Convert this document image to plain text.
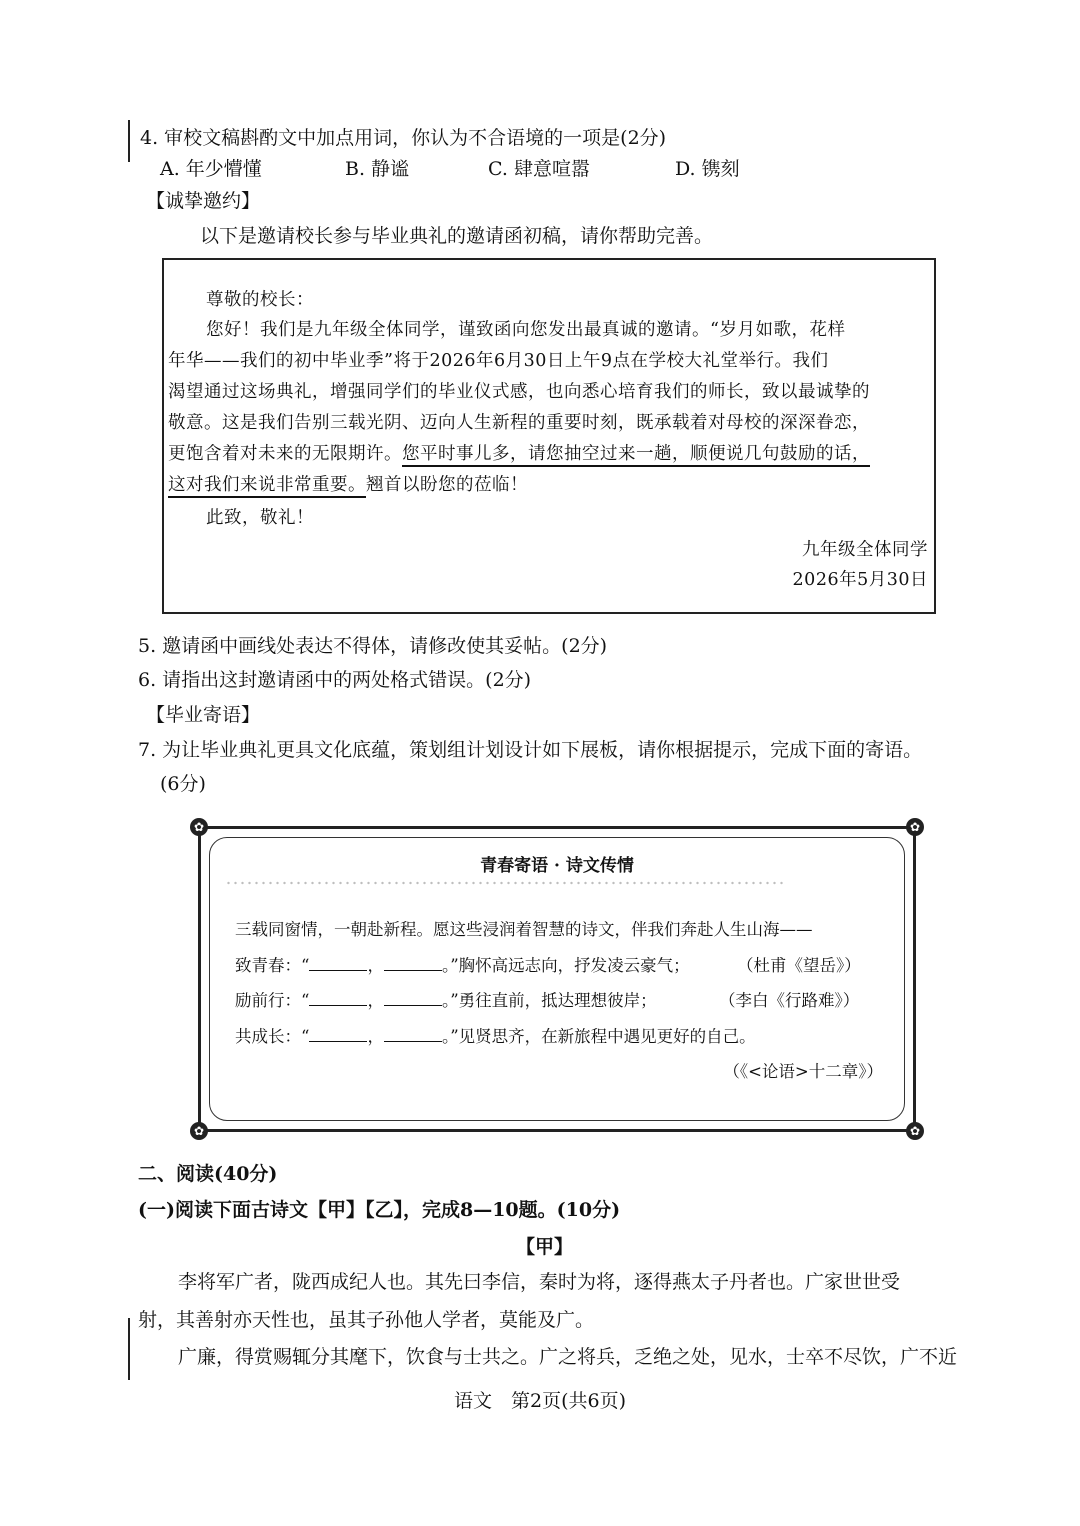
4. 审校文稿斟酌文中加点用词，你认为不合语境的一项是(2分)
A. 年少懵懂	B. 静谧	C. 肆意喧嚣	D. 镌刻
【诚挚邀约】
以下是邀请校长参与毕业典礼的邀请函初稿，请你帮助完善。
尊敬的校长：
您好！我们是九年级全体同学，谨致函向您发出最真诚的邀请。“岁月如歌，花样
年华——我们的初中毕业季”将于2026年6月30日上午9点在学校大礼堂举行。我们
渴望通过这场典礼，增强同学们的毕业仪式感，也向悉心培育我们的师长，致以最诚挚的
敬意。这是我们告别三载光阴、迈向人生新程的重要时刻，既承载着对母校的深深眷恋，
更饱含着对未来的无限期许。您平时事儿多，请您抽空过来一趟，顺便说几句鼓励的话，
这对我们来说非常重要。翘首以盼您的莅临！
此致，敬礼！
九年级全体同学
2026年5月30日
5. 邀请函中画线处表达不得体，请修改使其妥帖。(2分)
6. 请指出这封邀请函中的两处格式错误。(2分)
【毕业寄语】
7. 为让毕业典礼更具文化底蕴，策划组计划设计如下展板，请你根据提示，完成下面的寄语。
(6分)
✿	✿
✿	✿
青春寄语 · 诗文传情
三载同窗情，一朝赴新程。愿这些浸润着智慧的诗文，伴我们奔赴人生山海——
致青春：“	，	。”胸怀高远志向，抒发凌云豪气；	（杜甫《望岳》）
励前行：“	，	。”勇往直前，抵达理想彼岸；	（李白《行路难》）
共成长：“	，	。”见贤思齐，在新旅程中遇见更好的自己。
（《<论语>十二章》）
二、阅读(40分)
(一)阅读下面古诗文【甲】【乙】，完成8—10题。(10分)
【甲】
李将军广者，陇西成纪人也。其先曰李信，秦时为将，逐得燕太子丹者也。广家世世受
射，其善射亦天性也，虽其子孙他人学者，莫能及广。
广廉，得赏赐辄分其麾下，饮食与士共之。广之将兵，乏绝之处，见水，士卒不尽饮，广不近
语文　第2页(共6页)
